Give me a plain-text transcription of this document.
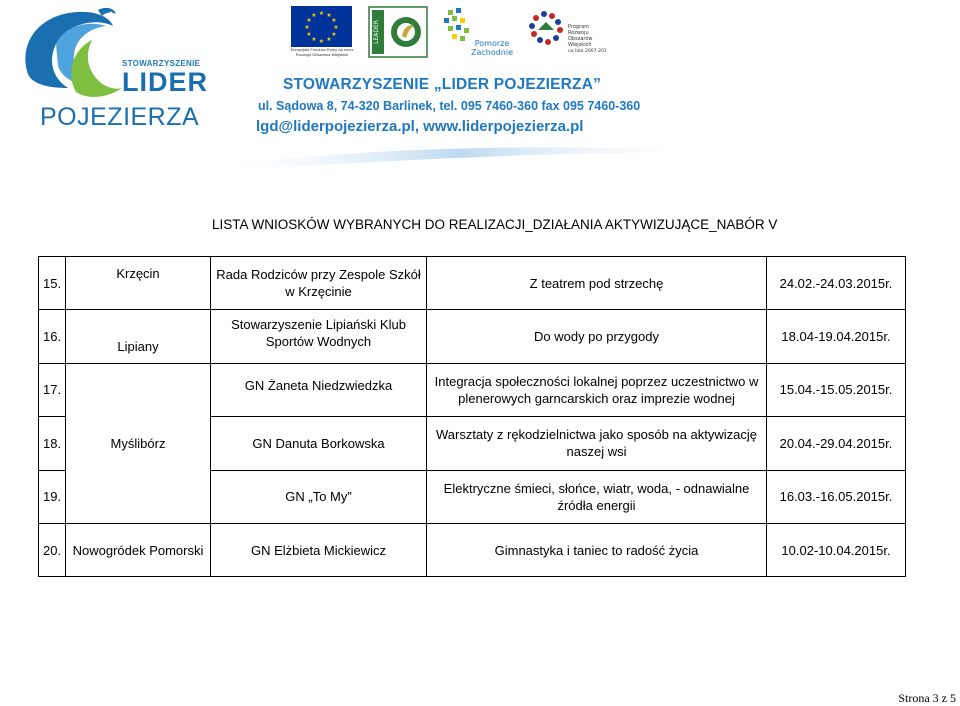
STOWARZYSZENIE
LIDER
POJEZIERZA
★ ★
★
★
★
★
★
★
★
★
★
★
Europejski Fundusz Rolny na rzecz Rozwoju Obszarów Wiejskich
LEADER	Pomorze
Zachodnie
Program
Rozwoju
Obszarów
Wiejskich
na lata 2007-2013
STOWARZYSZENIE „LIDER POJEZIERZA”
ul. Sądowa 8, 74-320 Barlinek, tel. 095 7460-360 fax 095 7460-360
lgd@liderpojezierza.pl, www.liderpojezierza.pl
LISTA WNIOSKÓW WYBRANYCH DO REALIZACJI_DZIAŁANIA AKTYWIZUJĄCE_NABÓR V
15.	Krzęcin	Rada Rodziców przy Zespole Szkół w Krzęcinie	Z teatrem pod strzechę	24.02.-24.03.2015r.
16.	Lipiany	Stowarzyszenie Lipiański Klub Sportów Wodnych	Do wody po przygody	18.04-19.04.2015r.
17.	Myślibórz	GN Żaneta Niedzwiedzka	Integracja społeczności lokalnej poprzez uczestnictwo w plenerowych garncarskich oraz imprezie wodnej	15.04.-15.05.2015r.
18.		GN Danuta Borkowska	Warsztaty z rękodzielnictwa jako sposób na aktywizację naszej wsi	20.04.-29.04.2015r.
19.		GN „To My”	Elektryczne śmieci, słońce, wiatr, woda, - odnawialne źródła energii	16.03.-16.05.2015r.
20.	Nowogródek Pomorski	GN Elżbieta Mickiewicz	Gimnastyka i taniec to radość życia	10.02-10.04.2015r.
Strona 3 z 5
